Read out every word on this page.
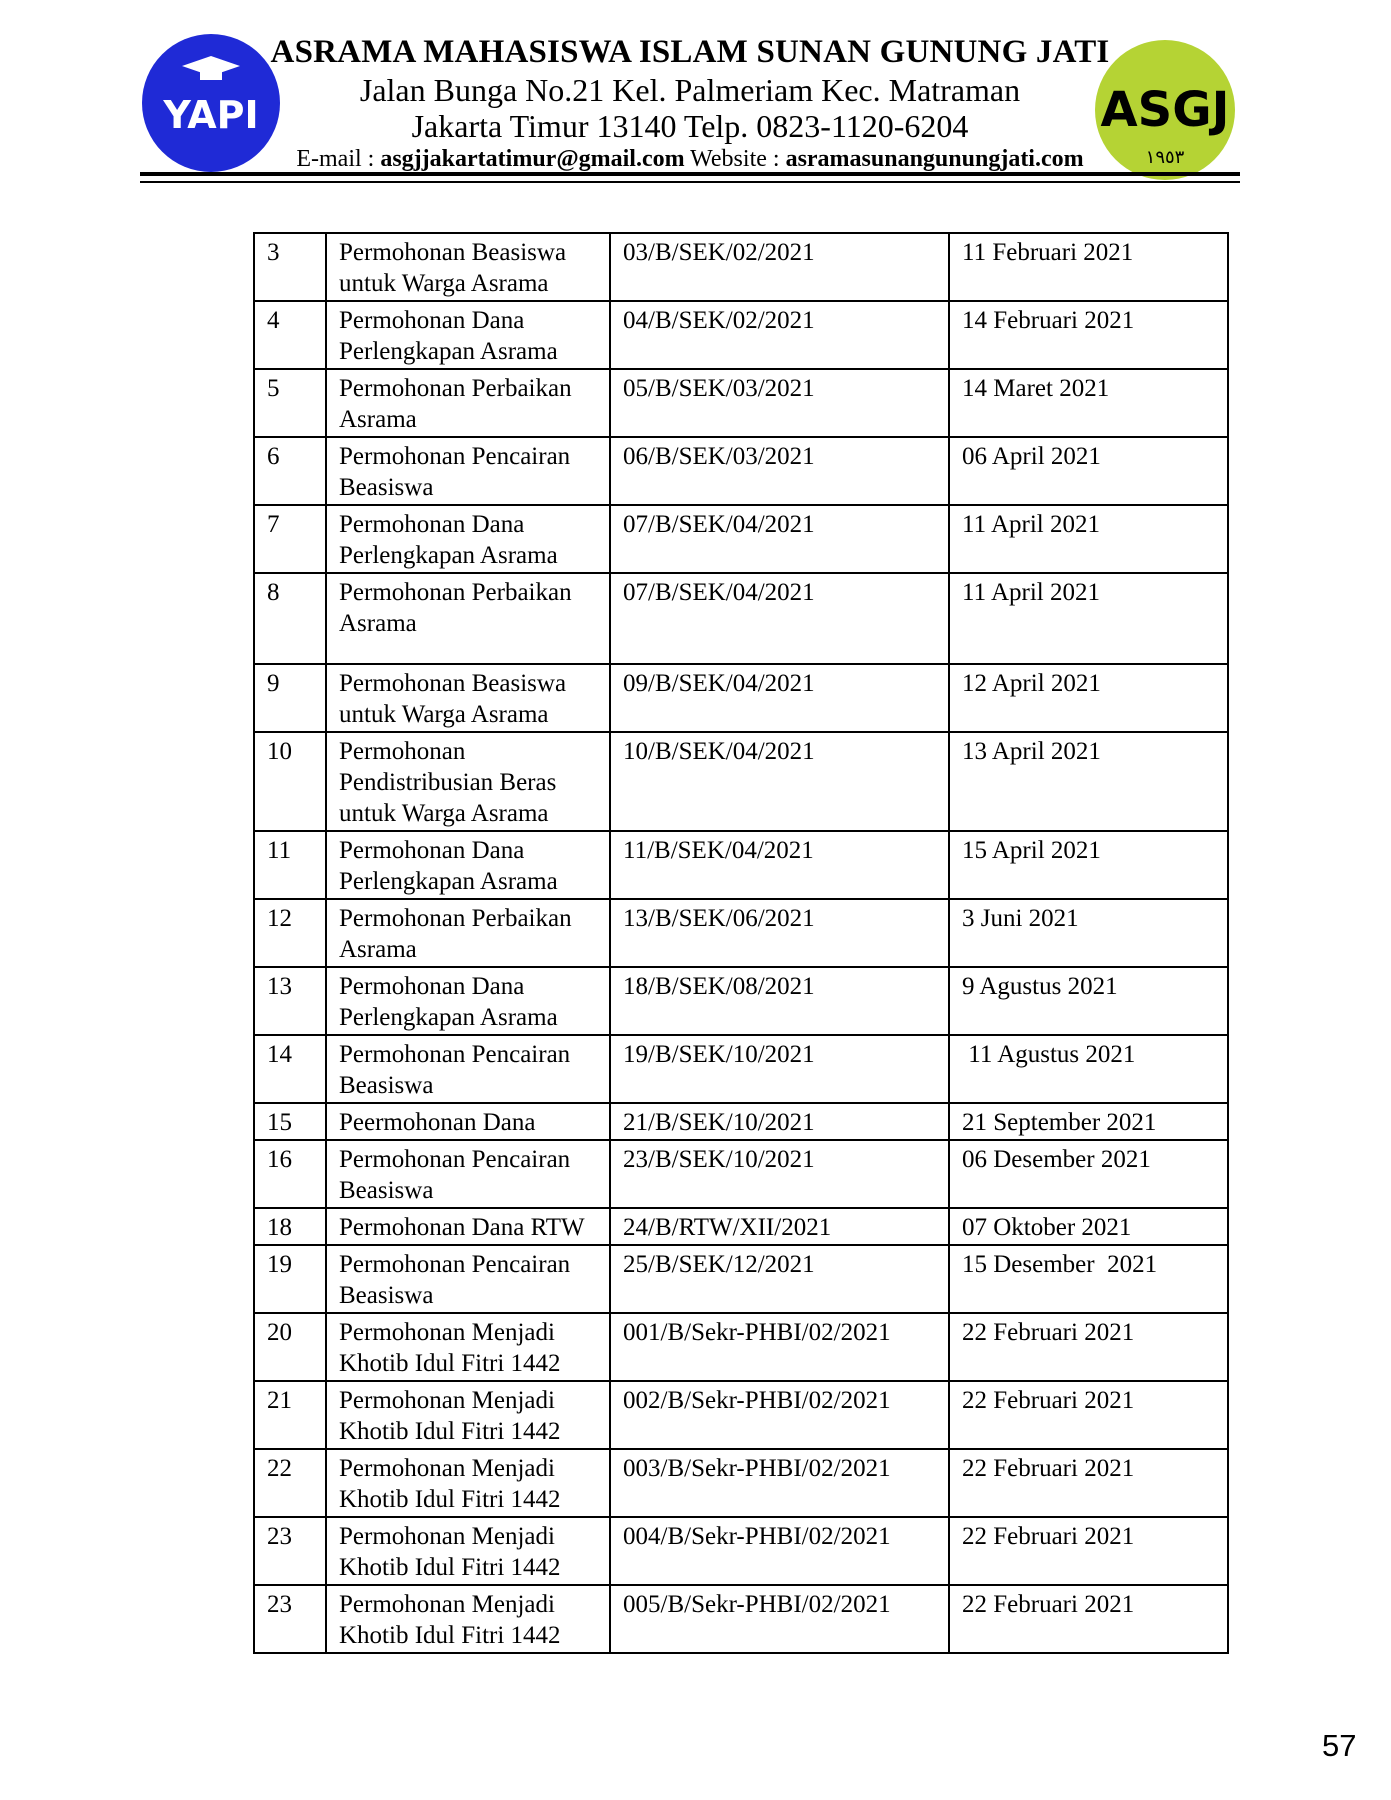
YAPI
ASRAMA MAHASISWA ISLAM SUNAN GUNUNG JATI
Jalan Bunga No.21 Kel. Palmeriam Kec. Matraman
Jakarta Timur 13140 Telp. 0823-1120-6204
E-mail : asgjjakartatimur@gmail.com Website : asramasunangunungjati.com
ASGJ
١٩٥٣
3	Permohonan Beasiswa untuk Warga Asrama	03/B/SEK/02/2021	11 Februari 2021
4	Permohonan Dana Perlengkapan Asrama	04/B/SEK/02/2021	14 Februari 2021
5	Permohonan Perbaikan Asrama	05/B/SEK/03/2021	14 Maret 2021
6	Permohonan Pencairan Beasiswa	06/B/SEK/03/2021	06 April 2021
7	Permohonan Dana Perlengkapan Asrama	07/B/SEK/04/2021	11 April 2021
8	Permohonan Perbaikan Asrama	07/B/SEK/04/2021	11 April 2021
9	Permohonan Beasiswa untuk Warga Asrama	09/B/SEK/04/2021	12 April 2021
10	Permohonan Pendistribusian Beras untuk Warga Asrama	10/B/SEK/04/2021	13 April 2021
11	Permohonan Dana Perlengkapan Asrama	11/B/SEK/04/2021	15 April 2021
12	Permohonan Perbaikan Asrama	13/B/SEK/06/2021	3 Juni 2021
13	Permohonan Dana Perlengkapan Asrama	18/B/SEK/08/2021	9 Agustus 2021
14	Permohonan Pencairan Beasiswa	19/B/SEK/10/2021	11 Agustus 2021
15	Peermohonan Dana	21/B/SEK/10/2021	21 September 2021
16	Permohonan Pencairan Beasiswa	23/B/SEK/10/2021	06 Desember 2021
18	Permohonan Dana RTW	24/B/RTW/XII/2021	07 Oktober 2021
19	Permohonan Pencairan Beasiswa	25/B/SEK/12/2021	15 Desember  2021
20	Permohonan Menjadi Khotib Idul Fitri 1442	001/B/Sekr-PHBI/02/2021	22 Februari 2021
21	Permohonan Menjadi Khotib Idul Fitri 1442	002/B/Sekr-PHBI/02/2021	22 Februari 2021
22	Permohonan Menjadi Khotib Idul Fitri 1442	003/B/Sekr-PHBI/02/2021	22 Februari 2021
23	Permohonan Menjadi Khotib Idul Fitri 1442	004/B/Sekr-PHBI/02/2021	22 Februari 2021
23	Permohonan Menjadi Khotib Idul Fitri 1442	005/B/Sekr-PHBI/02/2021	22 Februari 2021
57
